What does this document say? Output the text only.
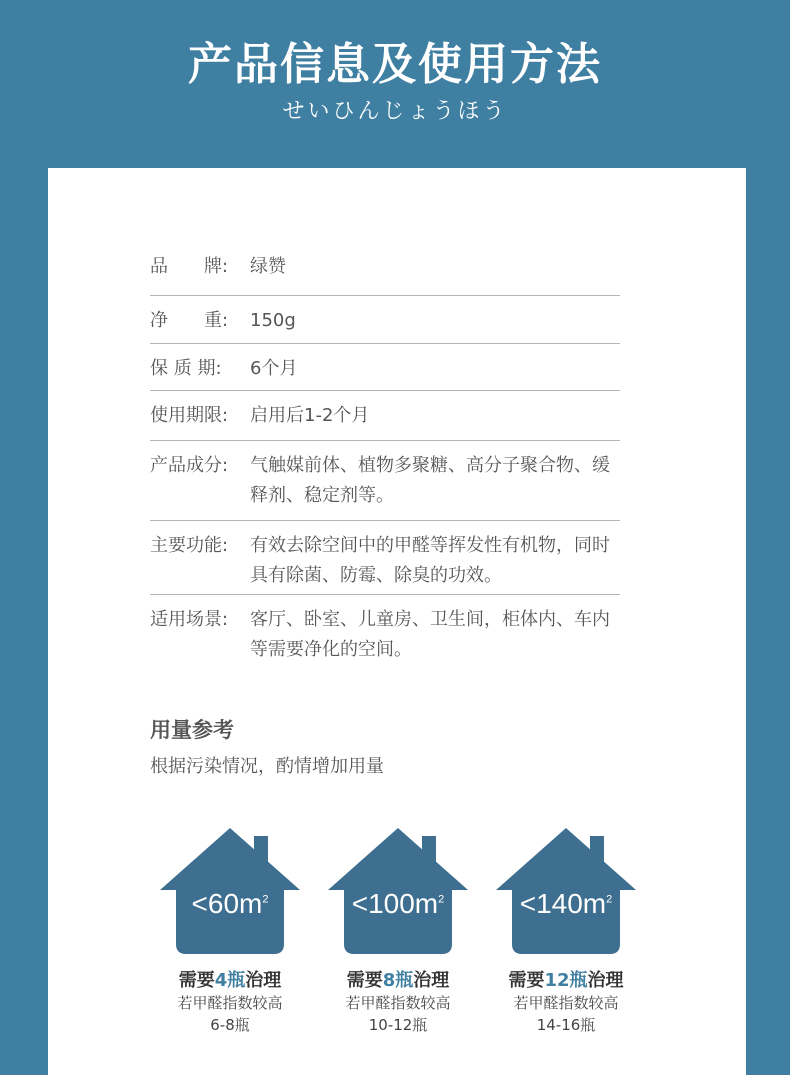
产品信息及使用方法
せいひんじょうほう
品　　牌:	绿赞
净　　重:	150g
保 质 期:	6个月
使用期限:	启用后1-2个月
产品成分:	气触媒前体、植物多聚糖、高分子聚合物、缓释剂、稳定剂等。
主要功能:	有效去除空间中的甲醛等挥发性有机物，同时具有除菌、防霉、除臭的功效。
适用场景:	客厅、卧室、儿童房、卫生间，柜体内、车内等需要净化的空间。
用量参考
根据污染情况，酌情增加用量
$<60m^2$
需要4瓶治理
若甲醛指数较高
6-8瓶
$<100m^2$
需要8瓶治理
若甲醛指数较高
10-12瓶
$<140m^2$
需要12瓶治理
若甲醛指数较高
14-16瓶
